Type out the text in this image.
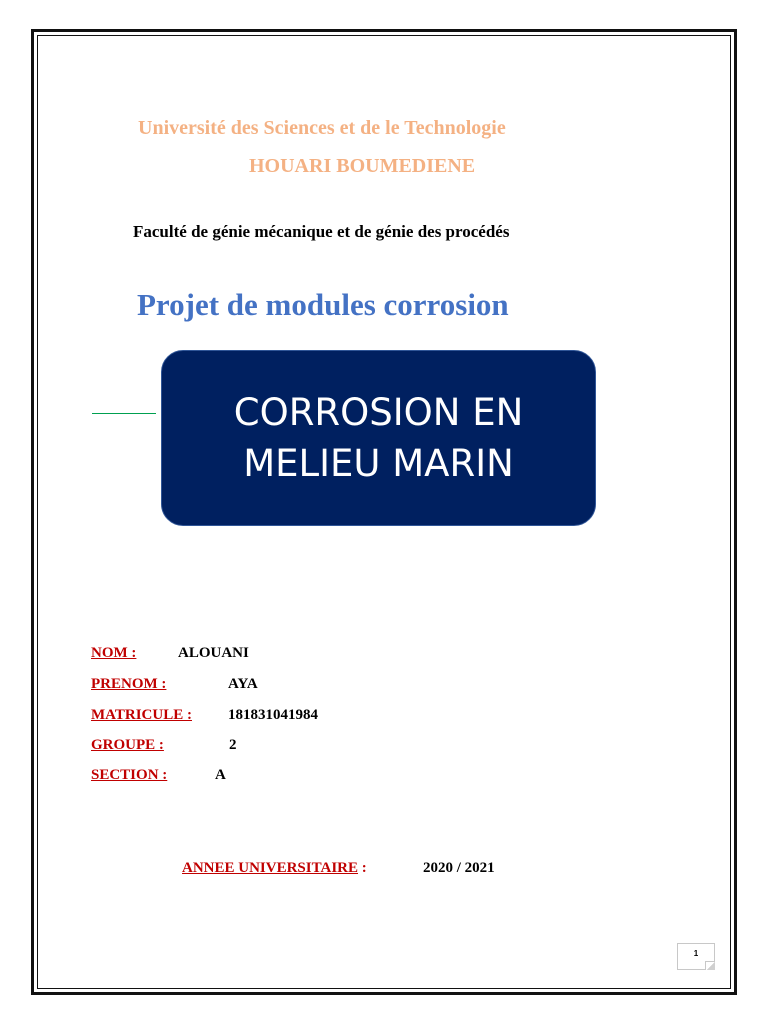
Université des Sciences et de le Technologie
HOUARI BOUMEDIENE
Faculté de génie mécanique et de génie des procédés
Projet de modules corrosion
CORROSION EN
MELIEU MARIN
NOM :	ALOUANI
PRENOM :	AYA
MATRICULE : 181831041984
GROUPE :	2
SECTION :	A
ANNEE UNIVERSITAIRE :	2020 / 2021
1
